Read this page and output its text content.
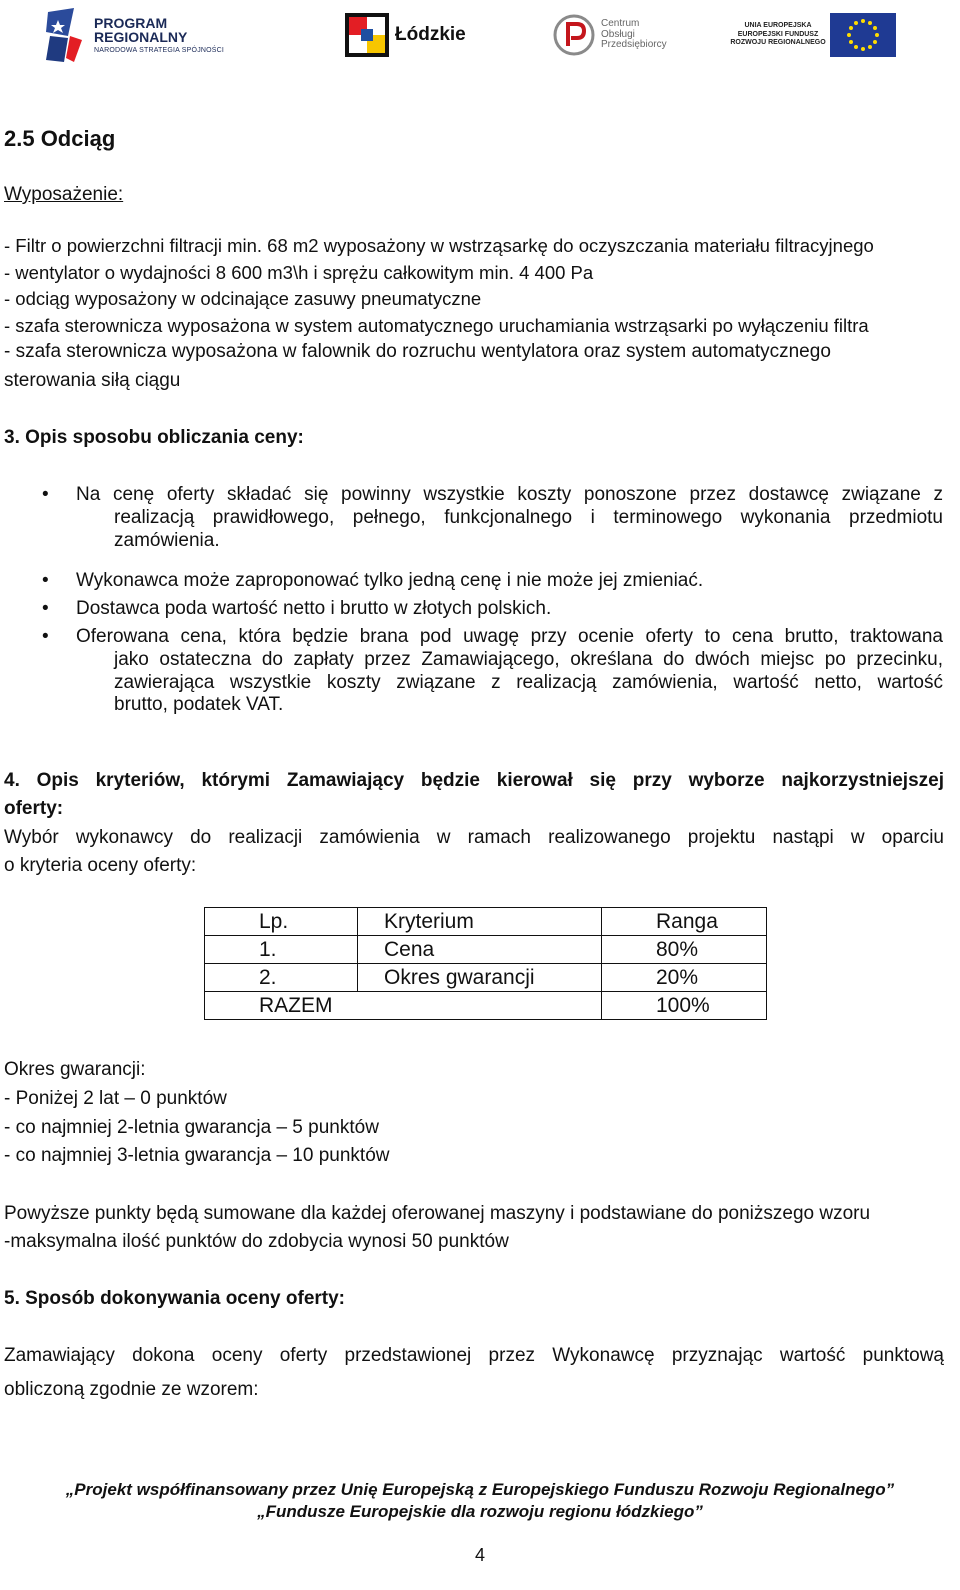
PROGRAM
REGIONALNY
NARODOWA STRATEGIA SPÓJNOŚCI
Łódzkie
Centrum
Obsługi
Przedsiębiorcy
UNIA EUROPEJSKA
EUROPEJSKI FUNDUSZ
ROZWOJU REGIONALNEGO
2.5 Odciąg
Wyposażenie:
- Filtr o powierzchni filtracji min. 68 m2 wyposażony w wstrząsarkę do oczyszczania materiału filtracyjnego
- wentylator o wydajności 8 600 m3\h i sprężu całkowitym min. 4 400 Pa
- odciąg wyposażony w odcinające zasuwy pneumatyczne
- szafa sterownicza wyposażona w system automatycznego uruchamiania wstrząsarki po wyłączeniu filtra
- szafa sterownicza wyposażona w falownik do rozruchu wentylatora oraz system automatycznego
sterowania siłą ciągu
3. Opis sposobu obliczania ceny:
• Na cenę oferty składać się powinny wszystkie koszty ponoszone przez dostawcę związane z
realizacją prawidłowego, pełnego, funkcjonalnego i terminowego wykonania przedmiotu
zamówienia.
• Wykonawca może zaproponować tylko jedną cenę i nie może jej zmieniać.
• Dostawca poda wartość netto i brutto w złotych polskich.
• Oferowana cena, która będzie brana pod uwagę przy ocenie oferty to cena brutto, traktowana
jako ostateczna do zapłaty przez Zamawiającego, określana do dwóch miejsc po przecinku,
zawierająca wszystkie koszty związane z realizacją zamówienia, wartość netto, wartość
brutto, podatek VAT.
4. Opis kryteriów, którymi Zamawiający będzie kierował się przy wyborze najkorzystniejszej
oferty:
Wybór wykonawcy do realizacji zamówienia w ramach realizowanego projektu nastąpi w oparciu
o kryteria oceny oferty:
Lp.	Kryterium	Ranga
1.	Cena	80%
2.	Okres gwarancji	20%
RAZEM		100%
Okres gwarancji:
- Poniżej 2 lat – 0 punktów
- co najmniej 2-letnia gwarancja – 5 punktów
- co najmniej 3-letnia gwarancja – 10 punktów
Powyższe punkty będą sumowane dla każdej oferowanej maszyny i podstawiane do poniższego wzoru
-maksymalna ilość punktów do zdobycia wynosi 50 punktów
5. Sposób dokonywania oceny oferty:
Zamawiający dokona oceny oferty przedstawionej przez Wykonawcę przyznając wartość punktową
obliczoną zgodnie ze wzorem:
„Projekt współfinansowany przez Unię Europejską z Europejskiego Funduszu Rozwoju Regionalnego”
„Fundusze Europejskie dla rozwoju regionu łódzkiego”
4
